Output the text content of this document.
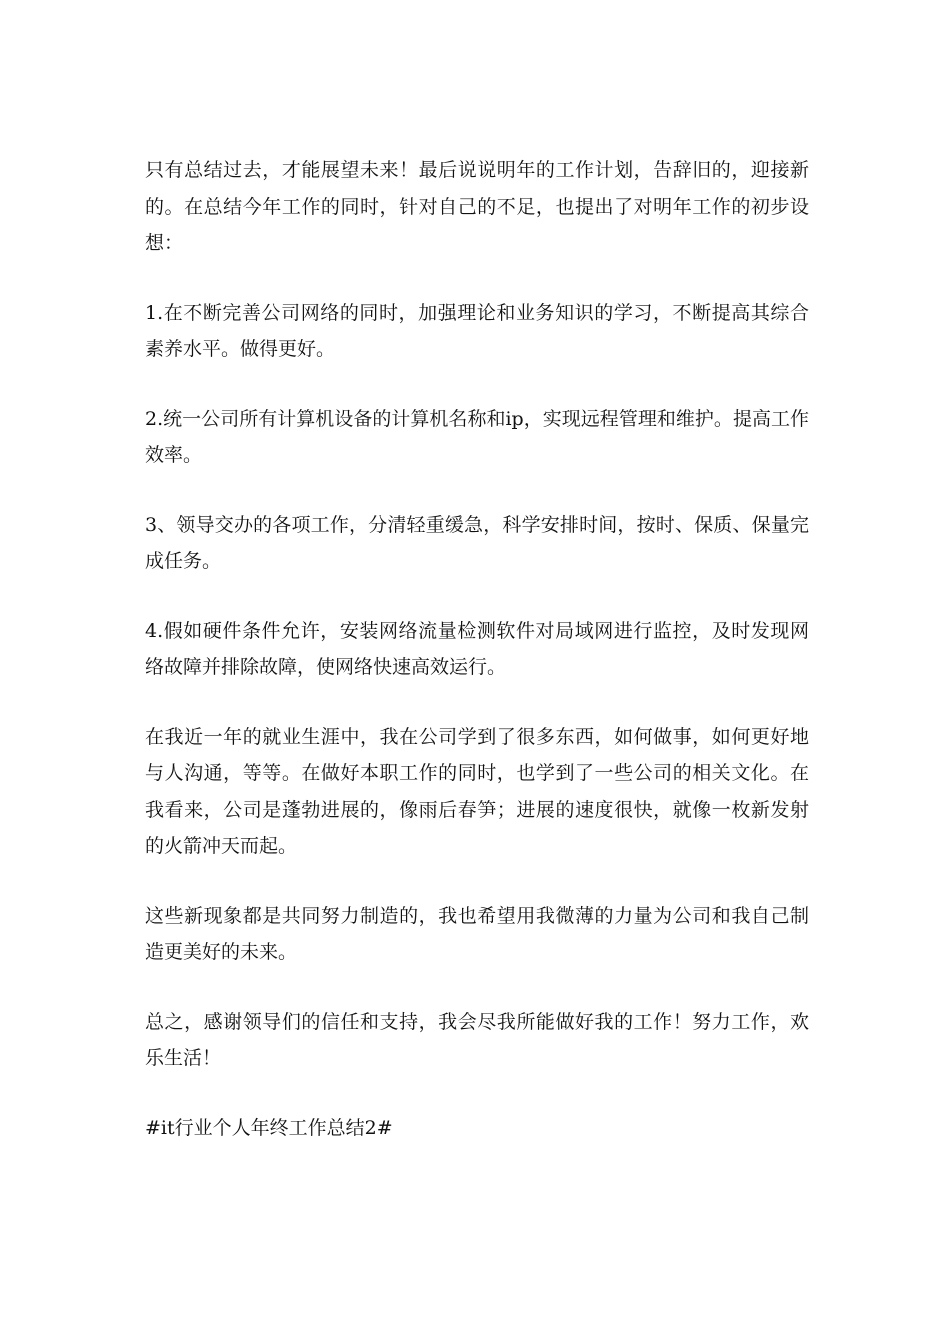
只有总结过去，才能展望未来！最后说说明年的工作计划，告辞旧的，迎接新的。在总结今年工作的同时，针对自己的不足，也提出了对明年工作的初步设想：

1.在不断完善公司网络的同时，加强理论和业务知识的学习，不断提高其综合素养水平。做得更好。

2.统一公司所有计算机设备的计算机名称和ip，实现远程管理和维护。提高工作效率。

3、领导交办的各项工作，分清轻重缓急，科学安排时间，按时、保质、保量完成任务。

4.假如硬件条件允许，安装网络流量检测软件对局域网进行监控，及时发现网络故障并排除故障，使网络快速高效运行。

在我近一年的就业生涯中，我在公司学到了很多东西，如何做事，如何更好地与人沟通，等等。在做好本职工作的同时，也学到了一些公司的相关文化。在我看来，公司是蓬勃进展的，像雨后春笋；进展的速度很快，就像一枚新发射的火箭冲天而起。

这些新现象都是共同努力制造的，我也希望用我微薄的力量为公司和我自己制造更美好的未来。

总之，感谢领导们的信任和支持，我会尽我所能做好我的工作！努力工作，欢乐生活！

#it行业个人年终工作总结2#
